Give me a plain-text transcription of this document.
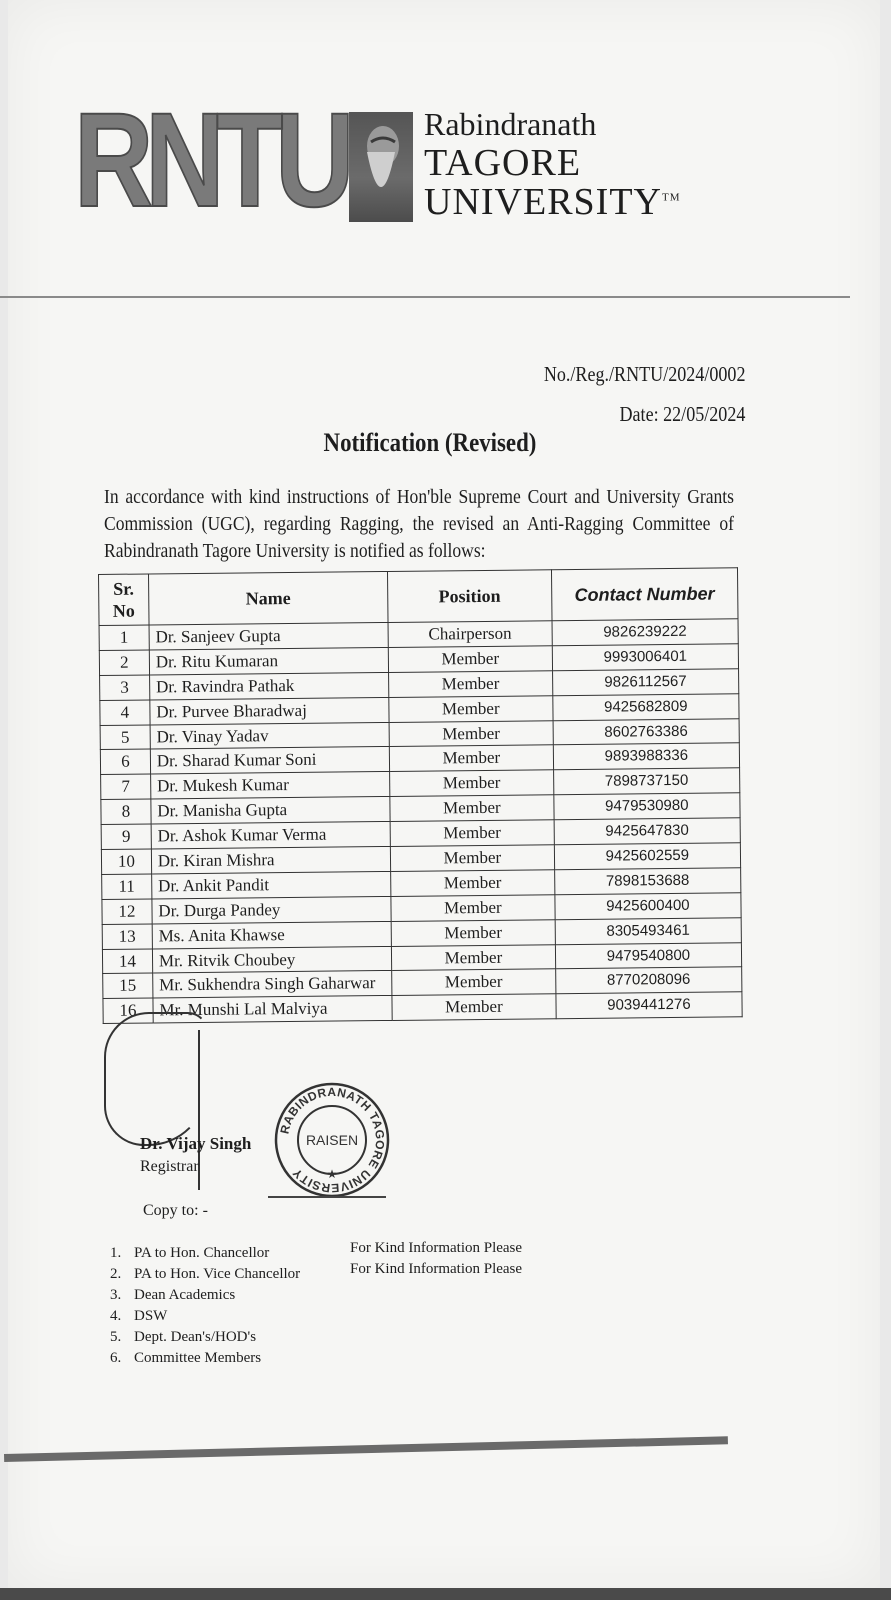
RNTU Rabindranath
TAGORE
UNIVERSITY™
No./Reg./RNTU/2024/0002
Date: 22/05/2024
Notification (Revised)
In accordance with kind instructions of Hon'ble Supreme Court and University Grants Commission (UGC), regarding Ragging, the revised an Anti-Ragging Committee of Rabindranath Tagore University is notified as follows:
Sr.
No	Name	Position	Contact Number
1	Dr. Sanjeev Gupta	Chairperson	9826239222
2	Dr. Ritu Kumaran	Member	9993006401
3	Dr. Ravindra Pathak	Member	9826112567
4	Dr. Purvee Bharadwaj	Member	9425682809
5	Dr. Vinay Yadav	Member	8602763386
6	Dr. Sharad Kumar Soni	Member	9893988336
7	Dr. Mukesh Kumar	Member	7898737150
8	Dr. Manisha Gupta	Member	9479530980
9	Dr. Ashok Kumar Verma	Member	9425647830
10	Dr. Kiran Mishra	Member	9425602559
11	Dr. Ankit Pandit	Member	7898153688
12	Dr. Durga Pandey	Member	9425600400
13	Ms. Anita Khawse	Member	8305493461
14	Mr. Ritvik Choubey	Member	9479540800
15	Mr. Sukhendra Singh Gaharwar	Member	8770208096
16	Mr. Munshi Lal Malviya	Member	9039441276
Dr. Vijay Singh
Registrar
RABINDRANATH TAGORE UNIVERSITY
RAISEN
★
Copy to: -
1. PA to Hon. Chancellor
2. PA to Hon. Vice Chancellor
3. Dean Academics
4. DSW
5. Dept. Dean's/HOD's
6. Committee Members
For Kind Information Please
For Kind Information Please
